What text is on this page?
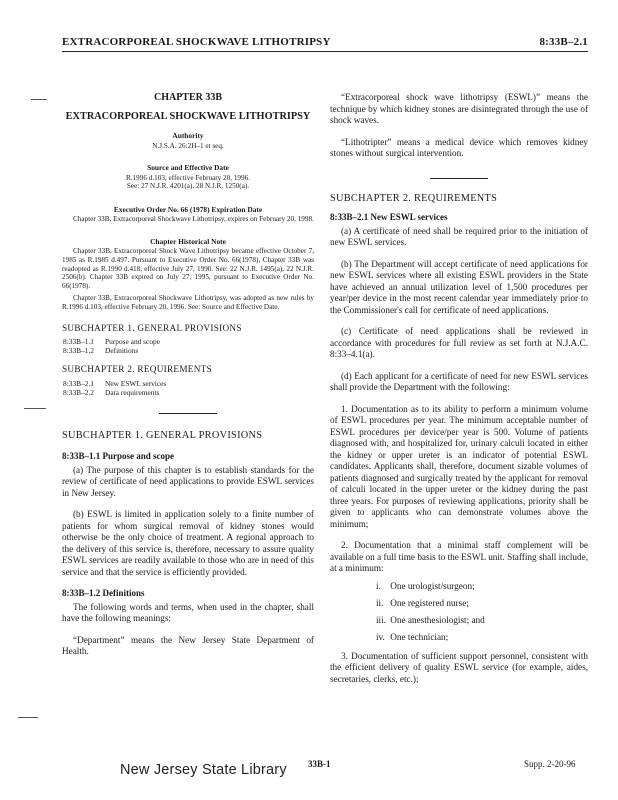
EXTRACORPOREAL SHOCKWAVE LITHOTRIPSY	8:33B–2.1
CHAPTER 33B
EXTRACORPOREAL SHOCKWAVE LITHOTRIPSY
Authority
N.J.S.A. 26:2H–1 et seq.
Source and Effective Date
R.1996 d.103, effective February 20, 1996.
See: 27 N.J.R. 4201(a), 28 N.J.R. 1250(a).
Executive Order No. 66 (1978) Expiration Date

Chapter 33B, Extracorporeal Shockwave Lithotripsy, expires on February 20, 1998.

Chapter Historical Note

Chapter 33B, Extracorporeal Shock Wave Lithotripsy became effective October 7, 1985 as R.1985 d.497. Pursuant to Executive Order No. 66(1978), Chapter 33B was readopted as R.1990 d.418, effective July 27, 1990. See: 22 N.J.R. 1495(a), 22 N.J.R. 2506(b). Chapter 33B expired on July 27, 1995, pursuant to Executive Order No. 66(1978).

Chapter 33B, Extracorporeal Shockwave Lithotripsy, was adopted as new rules by R.1996 d.103, effective February 20, 1996. See: Source and Effective Date.

SUBCHAPTER 1. GENERAL PROVISIONS
8:33B–1.1 Purpose and scope
8:33B–1.2 Definitions
SUBCHAPTER 2. REQUIREMENTS
8:33B–2.1 New ESWL services
8:33B–2.2 Data requirements
SUBCHAPTER 1. GENERAL PROVISIONS
8:33B–1.1 Purpose and scope

(a) The purpose of this chapter is to establish standards for the review of certificate of need applications to provide ESWL services in New Jersey.

(b) ESWL is limited in application solely to a finite number of patients for whom surgical removal of kidney stones would otherwise be the only choice of treatment. A regional approach to the delivery of this service is, therefore, necessary to assure quality ESWL services are readily available to those who are in need of this service and that the service is efficiently provided.

8:33B–1.2 Definitions

The following words and terms, when used in the chapter, shall have the following meanings:

“Department” means the New Jersey State Department of Health.

“Extracorporeal shock wave lithotripsy (ESWL)” means the technique by which kidney stones are disintegrated through the use of shock waves.

“Lithotripter” means a medical device which removes kidney stones without surgical intervention.

SUBCHAPTER 2. REQUIREMENTS
8:33B–2.1 New ESWL services

(a) A certificate of need shall be required prior to the initiation of new ESWL services.

(b) The Department will accept certificate of need applications for new ESWL services where all existing ESWL providers in the State have achieved an annual utilization level of 1,500 procedures per year/per device in the most recent calendar year immediately prior to the Commissioner's call for certificate of need applications.

(c) Certificate of need applications shall be reviewed in accordance with procedures for full review as set forth at N.J.A.C. 8:33–4.1(a).

(d) Each applicant for a certificate of need for new ESWL services shall provide the Department with the following:

1. Documentation as to its ability to perform a minimum volume of ESWL procedures per year. The minimum acceptable number of ESWL procedures per device/per year is 500. Volume of patients diagnosed with, and hospitalized for, urinary calculi located in either the kidney or upper ureter is an indicator of potential ESWL candidates. Applicants shall, therefore, document sizable volumes of patients diagnosed and surgically treated by the applicant for removal of calculi located in the upper ureter or the kidney during the past three years. For purposes of reviewing applications, priority shall be given to applicants who can demonstrate volumes above the minimum;

2. Documentation that a minimal staff complement will be available on a full time basis to the ESWL unit. Staffing shall include, at a minimum:

i. One urologist/surgeon;
ii. One registered nurse;
iii. One anesthesiologist; and
iv. One technician;

3. Documentation of sufficient support personnel, consistent with the efficient delivery of quality ESWL service (for example, aides, secretaries, clerks, etc.);

New Jersey State Library 33B-1	Supp. 2-20-96
